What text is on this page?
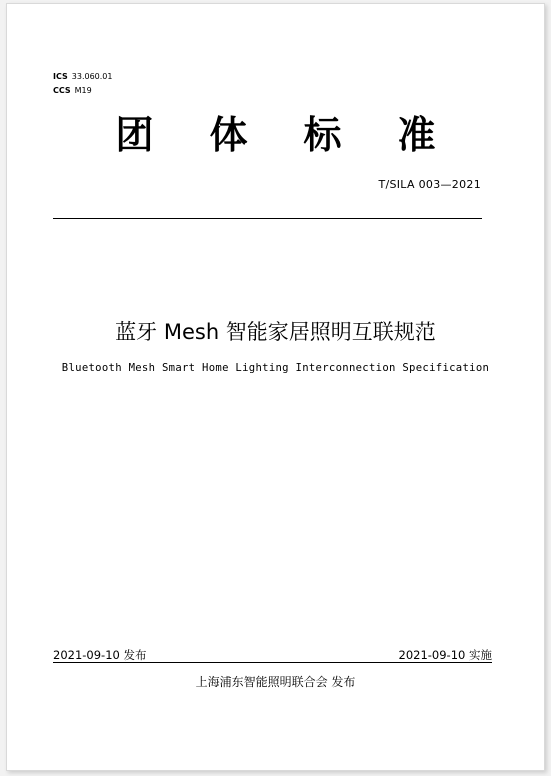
ICS 33.060.01
CCS M19
团	体	标	准
T/SILA 003—2021
蓝牙 Mesh 智能家居照明互联规范
Bluetooth Mesh Smart Home Lighting Interconnection Specification
2021-09-10 发布	2021-09-10 实施
上海浦东智能照明联合会 发布
